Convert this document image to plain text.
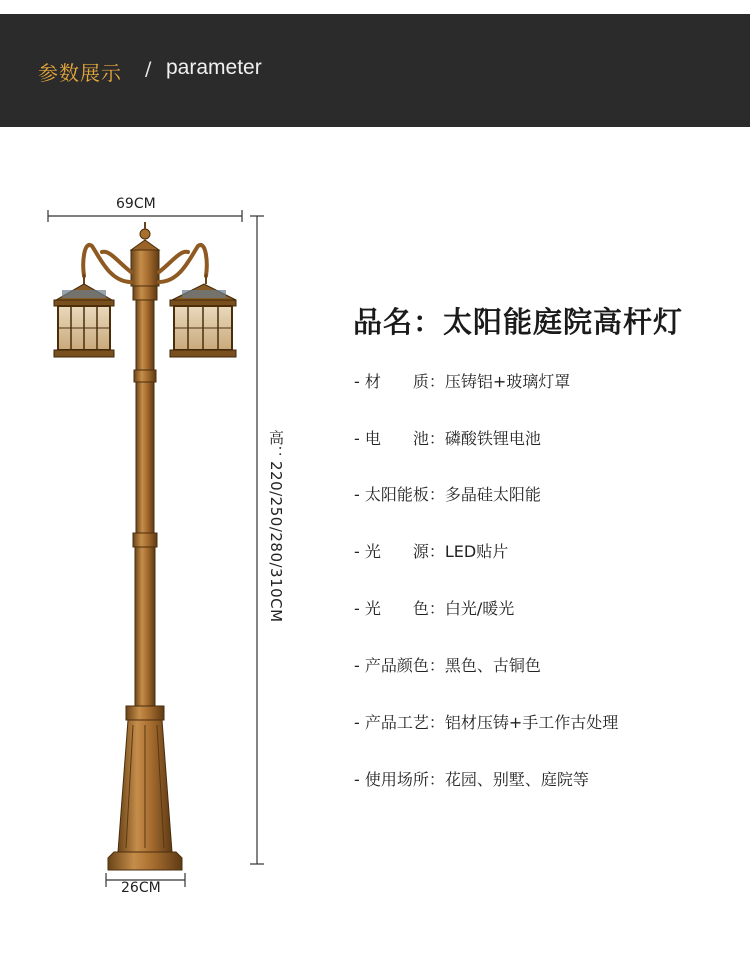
参数展示 / parameter
69CM
26CM
高：220/250/280/310CM
品名：太阳能庭院高杆灯
- 材　　质：压铸铝+玻璃灯罩
- 电　　池：磷酸铁锂电池
- 太阳能板：多晶硅太阳能
- 光　　源：LED贴片
- 光　　色：白光/暖光
- 产品颜色：黑色、古铜色
- 产品工艺：铝材压铸+手工作古处理
- 使用场所：花园、别墅、庭院等
